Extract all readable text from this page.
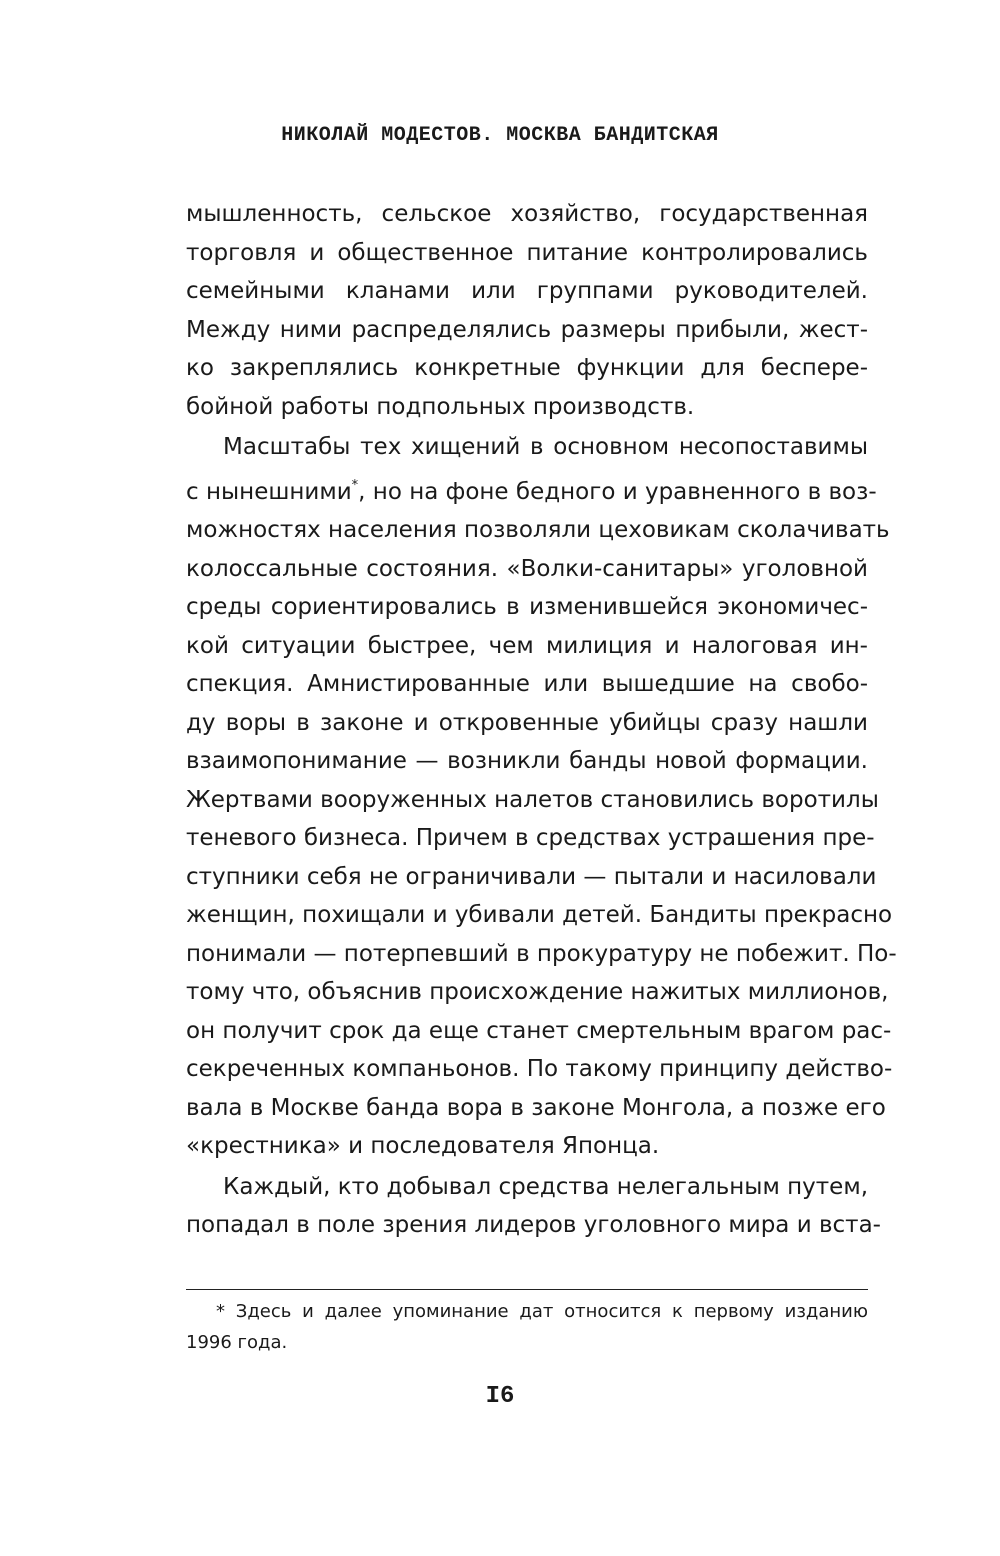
НИКОЛАЙ МОДЕСТОВ. МОСКВА БАНДИТСКАЯ
мышленность, сельское хозяйство, государственная
торговля и общественное питание контролировались
семейными кланами или группами руководителей.
Между ними распределялись размеры прибыли, жест-
ко закреплялись конкретные функции для бесперe-
бойной работы подпольных производств.
Масштабы тех хищений в основном несопоставимы
с нынешними*, но на фоне бедного и уравненного в воз-
можностях населения позволяли цеховикам сколачивать
колоссальные состояния. «Волки-санитары» уголовной
среды сориентировались в изменившейся экономичес-
кой ситуации быстрее, чем милиция и налоговая ин-
спекция. Амнистированные или вышедшие на свобо-
ду воры в законе и откровенные убийцы сразу нашли
взаимопонимание — возникли банды новой формации.
Жертвами вооруженных налетов становились воротилы
теневого бизнеса. Причем в средствах устрашения пре-
ступники себя не ограничивали — пытали и насиловали
женщин, похищали и убивали детей. Бандиты прекрасно
понимали — потерпевший в прокуратуру не побежит. По-
тому что, объяснив происхождение нажитых миллионов,
он получит срок да еще станет смертельным врагом рас-
секреченных компаньонов. По такому принципу действо-
вала в Москве банда вора в законе Монгола, а позже его
«крестника» и последователя Японца.
Каждый, кто добывал средства нелегальным путем,
попадал в поле зрения лидеров уголовного мира и вста-
* Здесь и далее упоминание дат относится к первому изданию
1996 года.
I6
